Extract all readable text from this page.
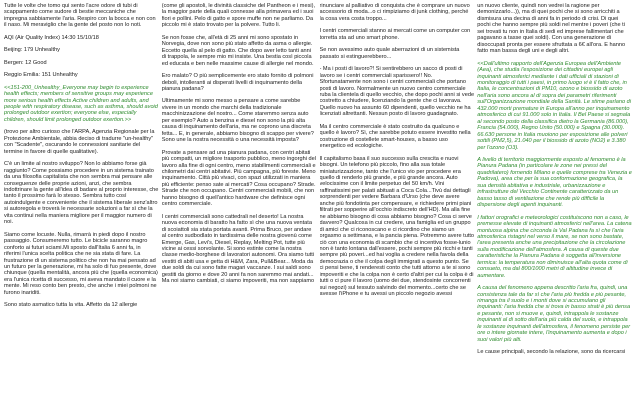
Tutte le volte che tomo qui sento l'acre odore di tubi di scappamento come sudore di bestie meccaniche che impregna sabbiamente l'aria. Respiro con la bocca e non con il naso. Mi meraviglio che la gente del posto non lo noti.

AQI (Air Quality Index) 14:30 15/10/18

Beijing: 179 Unhealthy

Bergen: 12 Good

Reggio Emilia: 151 Unhealthy

<<151-200_Unhealthy_Everyone may begin to experience health effects; members of sensitive groups may experience more serious health effects Active children and adults, and people with respiratory disease, such as asthma, should avoid prolonged outdoor exertion; everyone else, especially children, should limit prolonged outdoor exertion.>>

(trovo per altro curioso che l'ARPA, Agenzia Regionale per la Protezione Ambientale, abbia deciso di tradurre "un-healthy" con "Scadente", oscurando le connessioni sanitarie del termine in favore di quelle qualitative).

C'è un limite al nostro sviluppo? Non lo abbiamo forse già raggiunto? Come possiamo procedere in un sistema trainato da una filosofia capitalista che non sembra mai pensare alle conseguenze delle proprie azioni, anzi, che sembra indottrinare la gente all'idea di badare al proprio interesse, che tanto il prossimo farà lo stesso. Sembra tutto così autoindulgente e conveniente che il sistema liberale senz'altro si autoregola e troverà le necessarie soluzioni a far sì che la vita continui nella maniera migliore per il maggior numero di noi.

Siamo come locuste. Nulla, rimarrà in piedi dopo il nostro passaggio. Consumeremo tutto. Le bicicle saranno magro conforto ai futuri sciami.Mi sposto dall'Italia 6 anni fa, in riferimi l'unica scelta politica che ne sia stata di fare. La frustrazione di un sistema politico che non ha mai pensato ad un futuro per la generazione, mi ha solo di fuo presente, dove chiunque (quella mentalità, ancora più che (quella economica) era l'unica ricetta di successo, mi aveva mandato il cuore e la mente. Mi reso conto ben presto, che anche i miei polmoni ne furono inariditi.

Sono stato asmatico tutta la vita. Affetto da 12 allergie

(come gli apostoli, le divinità classiche del Pantheon e i mesi), la maggior parte della quali connesse alla primavera ed i suoi fiori e pollini. Pelo di gatto e spore muffe non ne parliamo. Da piccolo mi è stato trovato per la polvere. Tutto li.

Se non fosse che, all'età di 25 anni mi sono spostato in Norvegia, dove non sono più stato affetto da asma o allergie. Eccetto quella al pelo di gatto. Che dopo aver letto tanti anni di trappola, le sempre mio mi insiste. Una bestia così piccola ed educata e ben nelle massime cause di allergie nel mondo.

Ero malato? O più semplicemente ero stato fornito di polmoni deboli, intolleranti ai disperati livelli di inquinamento della pianura padana?

Ultimamente mi sono messo a pensare a come sarebbe vivere in un mondo che marchi della tradizionale macchinizzazione del nostro... Come staremmo senza auto per esempio? Auto a benzina e diesel non sono la più alta causa di inquinamento dell'aria, ma ne coprono una discreta fetta... E, in generale, abbiamo bisogno di scappo per vivere? Sono une la nostra necessità o una necessità imposta?

Provate a pensare ad una pianura padana, con centri abitati più compatti, un migliore trasporto pubblico, meno ingorghi del lavoro alla fine di ogni centro, meno stabilimenti commerciali e chilometri dai centri abitativi. Più campagna, più foreste. Meno inquinamento. Città più vivaci, con spazi utilizzati in maniera più efficiente: penso sate ai mercati? Cosa occupano? Strade. Strade che non occupano. Centri commerciali mobili, che non hanno bisogno di quell'antico hardware che definisce ogni centro commerciale.

I centri commerciali sono cattedrali nel deserto! La nostra nuova economia di baratto ha fatto sì che una nuova ventata di scoiattoli sia stata portata avanti. Prima Bruco, per andare al centro sudbodlato in tardissima delle nostra giovenù come Emerge, Gas, Levi's, Diesel, Replay, Melting Pot, tutte più vicine ai cessi sorvolante. Si sono estinte come la nostra classe medio-borghese di lavoratori autonomi. Ora siamo tutti vestiti di abiti usa e getta di H&M, Zara, Pull&Bear... Moda da due soldi da cui sono fatte magari vaccanze. I sui saldi sono gestiti da giorno e dove 20 anni fa non saremmo mai andati... Ma noi siamo cambiati, ci siamo impoveriti, ma non sappiamo

rinunciare al palliativo di conquista che è comprare un nuovo accessorio di moda...o ci rimpiziamo di junk clothing, perché la cosa vera costa troppo...

I centri commerciali stanno ai mercati come un computer con torretta sta ad uno smart phone.

Se non avessimo auto quale aberrazioni di un sistemista passato si estinguerebbero...

- Ma i posti di lavoro?! Si sentirebbero un sacco di posti di lavoro se i centri commerciali sparissero!! No. Sfortunatamente non sono i centri commerciali che portano posti di lavoro. Normalmente un nuovo centro commerciale ruba la clientela di quello vecchio, che dopo pochi anni si vede costretto a chiudere, licenziando la gente che ci lavorava. Quello nuovo ha assunto 60 dipendenti, quello vecchio ne ha licenziati altrettanti. Nessun posto di lavoro guadagnato.

Ma il centro commerciale è stato costruito da qualcuno e quello è lavoro? Sì, che sarebbe potuto essere investito nella costruzione di costellete smart-houses, a basso uso energetico ed ecologiche.

Il capitalismo basa il suo successo sulla crescita e nuovi bisogni. Un telefono più piccolo, fino alla sua totale miniaturizzazione, tanto che l'unico vio per procedere era quello di renderlo più grande, e più grande ancora. Auto velocissime con il limite perpetuo del 50 km/h. Vini raffinatissimi per palati abituati a Coca Cola...Tivù dai dettagli sorprendenti per vedere Barbara d'Urso (che deve avere anche più fondotinta per compensare, e richiedere primi piani filtrati per sopperire all'occhio indiscreto dell'HD). Ma alla fine ne abbiamo bisogno di cosa abbiamo bisogno? Cosa ci serve davvero? Qualcosa in cui credere, una famiglia ed un gruppo di amici che ci riconoscano e ci ricordino che siamo un orgasmo a settimana, e la pancia piena. Potremmo avere tutto ciò con una economia di scambio che ci incentiva fosse-lunio non è tanto lontana dall'essere, pochi sempre più ricchi e tanti sempre più poveri...ed hai voglia a credere nella favola della democrazia o che il colpa degli immigrati a questo punto. Se ci pensi bene, ti renderesti conto che tutti attorno a te si sono impoveriti e che la colpa non è certo d'altri per cui la colpa è di tutti o ci pure il lavoro (uomo dei due, stendosinte concorrenti sui negozi) sul tessuto salvindo del momento...certo che se avesse l'iPhone e tu avessi un piccolo negozio avessi

un nuovo cliente, quindi non vedrei la ragione per demonizzarlo...)), ma di quei pochi che si sono arricchiti a dismisura una decina di anni fa in periodo di crisi. Di quei pochi che hanno sempre più soldi nel mentre i poveri (che ti sei trovati tu non in Italia di sedi ed imprese fallimentari che pagavano a tasse quei soldi). Con una generazione di disoccupati pronta per essere sfruttata a 6€ all'ora. E hanno fatto man bassa degli uni e degli altri.

<<Dall'ultimo rapporto dell'Agenzia Europea dell'Ambiente (Aea), che studia l'esposizione dei cittadini europei agli inquinanti atmosferici mediante i dati ufficiali di stazioni di monitoraggio di tutti i paesi, in primo luogo vi è il fatto che, in Italia, le concentrazioni di PM10, ozono e biossido di azoto nell'aria sono ancora al di sopra dei parametri riferimenti sull'Organizzazione mondiale della Sanità. Le stime parlano di 432.000 morti premature in Europa all'anno per inquinamento atmosferico di cui 91.000 solo in Italia. Il Bel Paese si segnala al secondo posto della classifica dietro la Germania (86.000), Francia (54.000), Regno Unito (50.000) e Spagna (30.000). 66.630 persone in Italia muoiono per esposizione alle polveri sottili (PM2,5), 21.040 per il biossido di azoto (NO2) e 3.380 per l'ozono (O3).

A livello di territorio maggiormente esposto al fenomeno è la Pianura Padana (in particolare le zone nei pressi del quadrilatero) fornendo Milano e quelle comprese tra Venezia e Padova), area che per la sua conformazione geografica, la sua densità abitativa e industriale, urbanizzazione e infrastrutture del Vecchio Continente caratterizzato da un basso tasso di ventilazione che rende più difficile la dispersione degli agenti inquinanti.

I fattori orografici e meteorologici costituiscono non a caso, le premesse elevate di inquinanti atmosferici nell'area. La catena montuosa alpina che circonda la Val Padana fa sì che l'aria atmosferica ristagni nel verso il mare, se non sono bastate, l'area presenta anche una precipitazione che la circolazione sulla modificazione dell'atmosfera. A causa di queste due caratteristiche la Pianura Padana è soggetta all'inversione termica: la temperatura non diminuisce all'alta quota come di consueto, ma dal 800/1000 metri di altitudine invece di aumentare.

A causa del fenomeno appena descritto l'aria fra, quindi, una consistenza tale da far sì che l'aria più fredda e più pesante, rimanga tra il suolo e i monti dove si accumulano gli inquinanti: l'aria fredda che si trova in basso strati è più densa e pesante, non si muove e, quindi, intrappola le sostanze inquinanti al di sotto dell'aria più calda del suolo, e intrappola le sostanze inquinanti dell'atmosfera, il fenomeno persiste per ore o intere giornate intere, l'inquinamento aumenta e dopo i suoi valori più alti.

Le cause principali, secondo la relazione, sono da ricercarsi
